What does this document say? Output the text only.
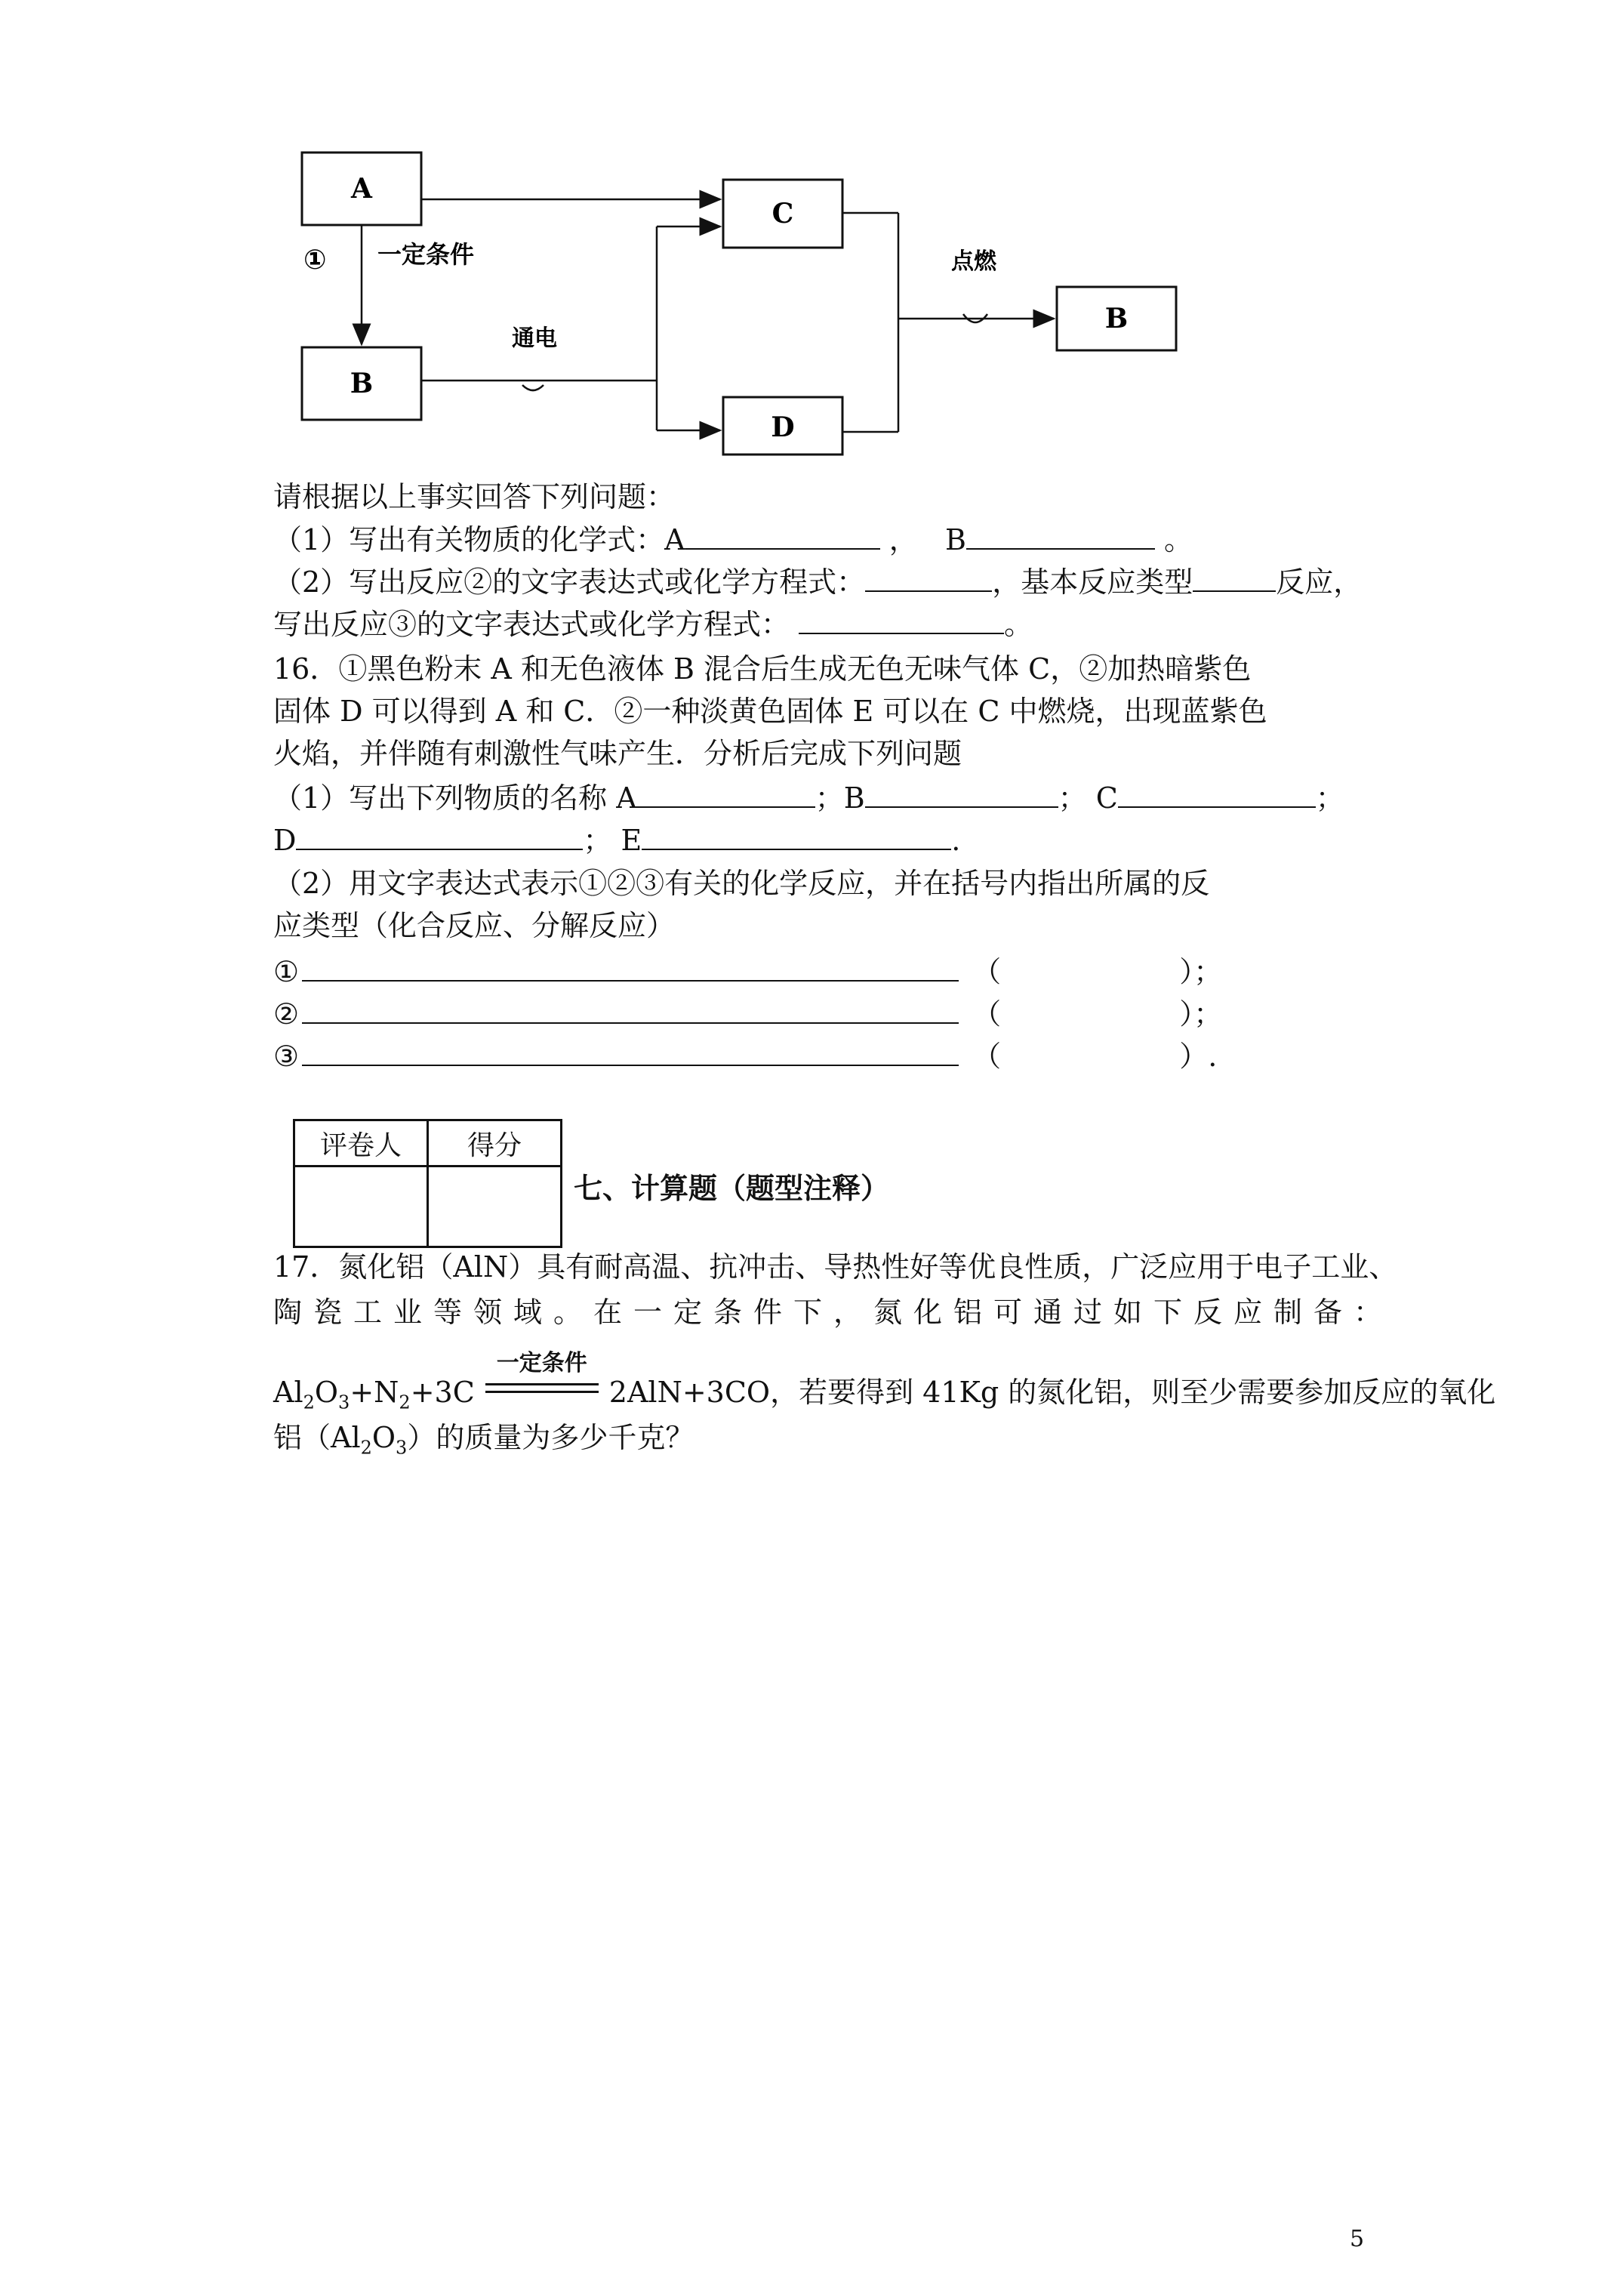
A
B
C
D
B
① 一定条件
通电
点燃
请根据以上事实回答下列问题：
（1）写出有关物质的化学式：A	，   B	。
（2）写出反应②的文字表达式或化学方程式：	，基本反应类型	反应，
写出反应③的文字表达式或化学方程式：	。
16．①黑色粉末 A 和无色液体 B 混合后生成无色无味气体 C，②加热暗紫色
固体 D 可以得到 A 和 C．②一种淡黄色固体 E 可以在 C 中燃烧，出现蓝紫色
火焰，并伴随有刺激性气味产生．分析后完成下列问题
（1）写出下列物质的名称 A	；B	； C	；
D	； E	.
（2）用文字表达式表示①②③有关的化学反应，并在括号内指出所属的反
应类型（化合反应、分解反应）
①	（	）；
②	（	）；
③	（	）.
评卷人	得分

七、计算题（题型注释）
17．氮化铝（AlN）具有耐高温、抗冲击、导热性好等优良性质，广泛应用于电子工业、
陶瓷工业等领域。在一定条件下，氮化铝可通过如下反应制备：
$Al_2O_3+N_2+3C$
一定条件
2AlN+3CO，若要得到 41Kg 的氮化铝，则至少需要参加反应的氧化
铝$(Al_2O_3)$的质量为多少千克？
5
